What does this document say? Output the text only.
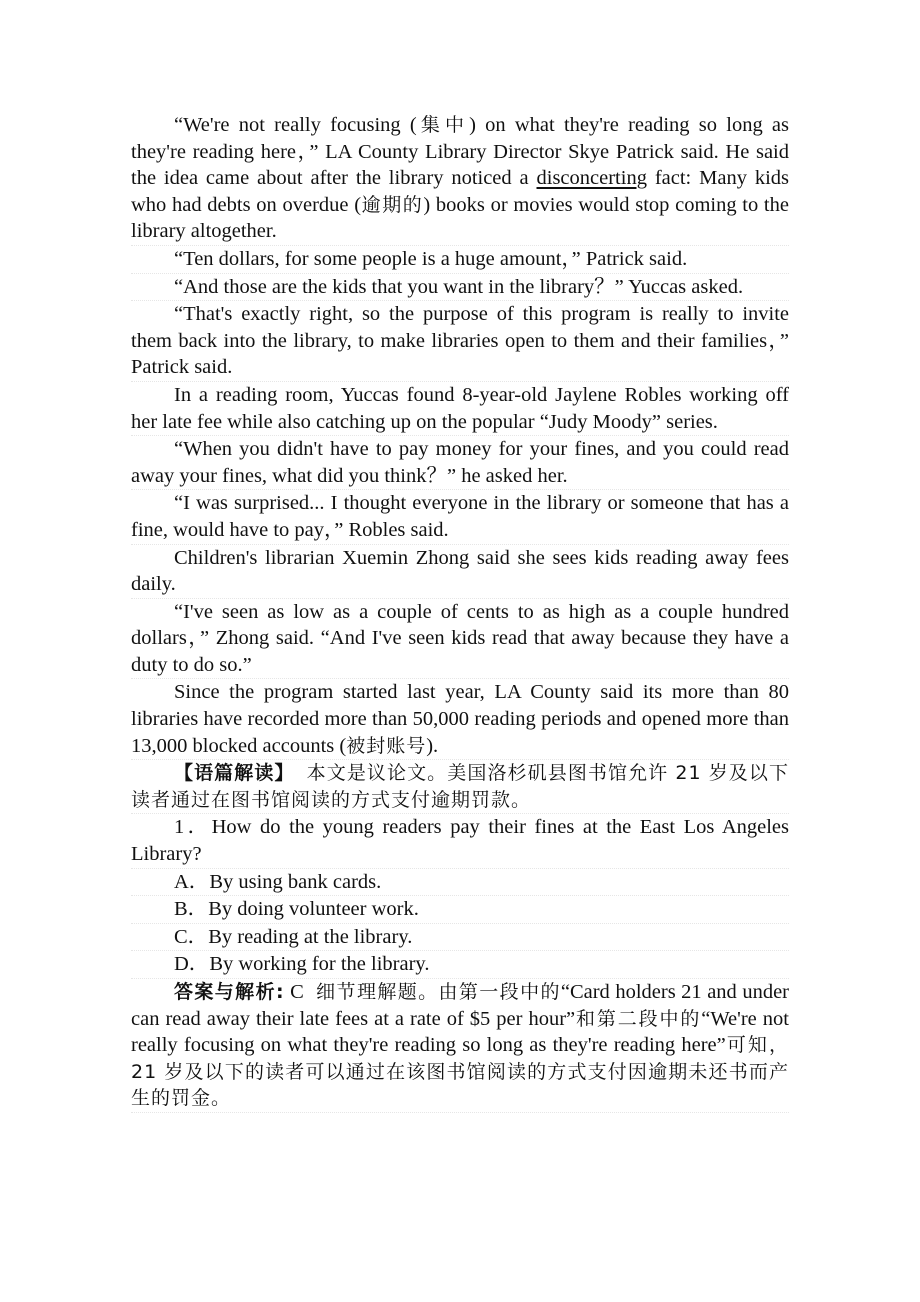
“We're not really focusing (集中) on what they're reading so long as they're reading here，” LA County Library Director Skye Patrick said. He said the idea came about after the library noticed a disconcerting fact: Many kids who had debts on overdue (逾期的) books or movies would stop coming to the library altogether.

“Ten dollars, for some people is a huge amount，” Patrick said.

“And those are the kids that you want in the library？” Yuccas asked.

“That's exactly right, so the purpose of this program is really to invite them back into the library, to make libraries open to them and their families，” Patrick said.

In a reading room, Yuccas found 8-year-old Jaylene Robles working off her late fee while also catching up on the popular “Judy Moody” series.

“When you didn't have to pay money for your fines, and you could read away your fines, what did you think？” he asked her.

“I was surprised... I thought everyone in the library or someone that has a fine, would have to pay，” Robles said.

Children's librarian Xuemin Zhong said she sees kids reading away fees daily.

“I've seen as low as a couple of cents to as high as a couple hundred dollars，” Zhong said. “And I've seen kids read that away because they have a duty to do so.”

Since the program started last year, LA County said its more than 80 libraries have recorded more than 50,000 reading periods and opened more than 13,000 blocked accounts (被封账号).

【语篇解读】 本文是议论文。美国洛杉矶县图书馆允许 21 岁及以下读者通过在图书馆阅读的方式支付逾期罚款。

1．How do the young readers pay their fines at the East Los Angeles Library?

A．By using bank cards.

B．By doing volunteer work.

C．By reading at the library.

D．By working for the library.

答案与解析: C 细节理解题。由第一段中的“Card holders 21 and under can read away their late fees at a rate of $5 per hour”和第二段中的“We're not really focusing on what they're reading so long as they're reading here”可知，21 岁及以下的读者可以通过在该图书馆阅读的方式支付因逾期未还书而产生的罚金。
